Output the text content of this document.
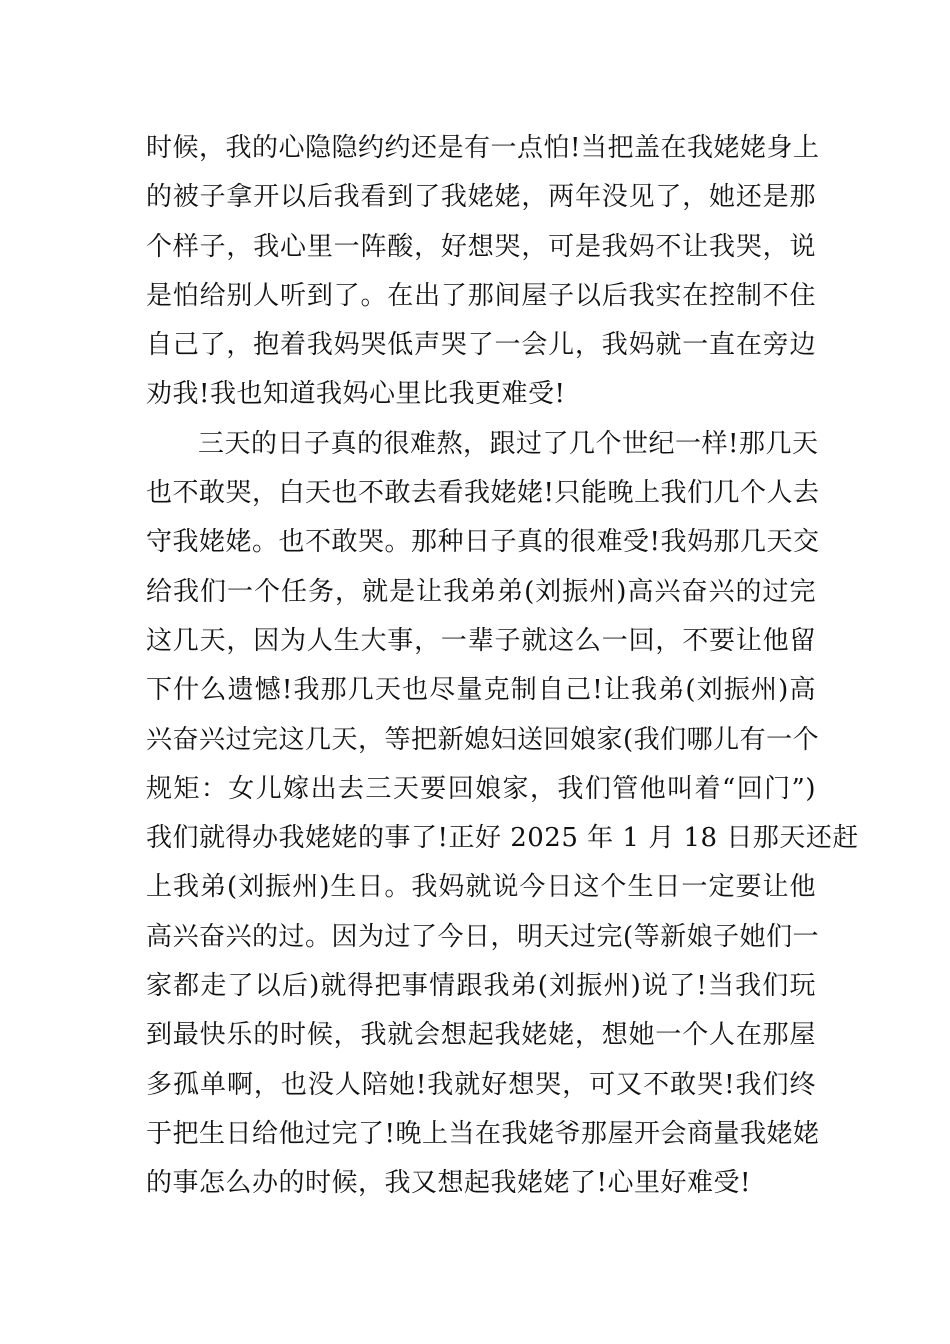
时候，我的心隐隐约约还是有一点怕!当把盖在我姥姥身上
的被子拿开以后我看到了我姥姥，两年没见了，她还是那
个样子，我心里一阵酸，好想哭，可是我妈不让我哭，说
是怕给别人听到了。在出了那间屋子以后我实在控制不住
自己了，抱着我妈哭低声哭了一会儿，我妈就一直在旁边
劝我!我也知道我妈心里比我更难受!
三天的日子真的很难熬，跟过了几个世纪一样!那几天
也不敢哭，白天也不敢去看我姥姥!只能晚上我们几个人去
守我姥姥。也不敢哭。那种日子真的很难受!我妈那几天交
给我们一个任务，就是让我弟弟(刘振州)高兴奋兴的过完
这几天，因为人生大事，一辈子就这么一回，不要让他留
下什么遗憾!我那几天也尽量克制自己!让我弟(刘振州)高
兴奋兴过完这几天，等把新媳妇送回娘家(我们哪儿有一个
规矩：女儿嫁出去三天要回娘家，我们管他叫着“回门”)
我们就得办我姥姥的事了!正好 2025 年 1 月 18 日那天还赶
上我弟(刘振州)生日。我妈就说今日这个生日一定要让他
高兴奋兴的过。因为过了今日，明天过完(等新娘子她们一
家都走了以后)就得把事情跟我弟(刘振州)说了!当我们玩
到最快乐的时候，我就会想起我姥姥，想她一个人在那屋
多孤单啊，也没人陪她!我就好想哭，可又不敢哭!我们终
于把生日给他过完了!晚上当在我姥爷那屋开会商量我姥姥
的事怎么办的时候，我又想起我姥姥了!心里好难受!
